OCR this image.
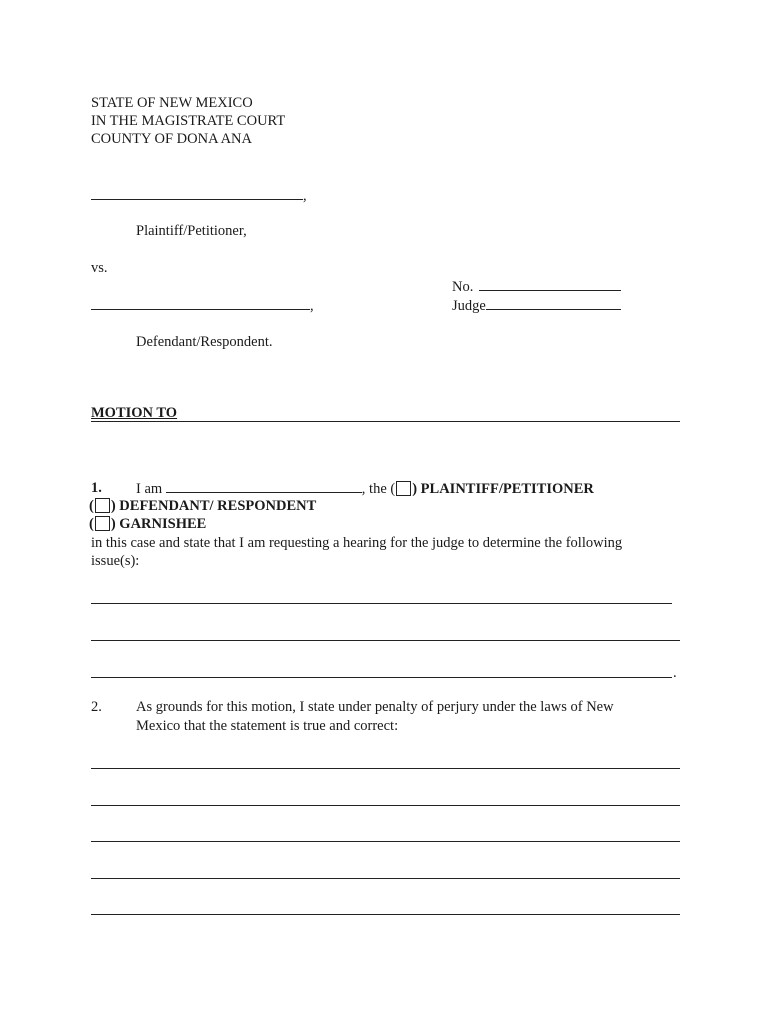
STATE OF NEW MEXICO
IN THE MAGISTRATE COURT
COUNTY OF DONA ANA
,
Plaintiff/Petitioner,
vs.
No.
Judge
,
Defendant/Respondent.
MOTION TO
1. I am	, the ( ) PLAINTIFF/PETITIONER
( ) DEFENDANT/ RESPONDENT
( ) GARNISHEE
in this case and state that I am requesting a hearing for the judge to determine the following
issue(s):
.
2. As grounds for this motion, I state under penalty of perjury under the laws of New
Mexico that the statement is true and correct:
